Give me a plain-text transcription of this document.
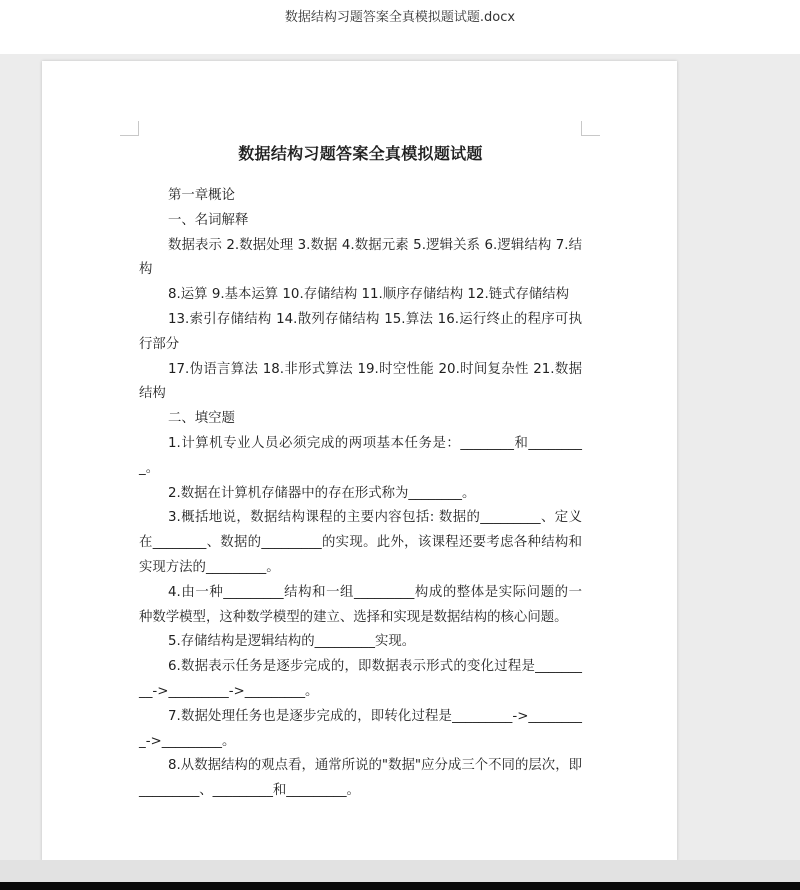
数据结构习题答案全真模拟题试题.docx
数据结构习题答案全真模拟题试题

第一章概论

一、名词解释

数据表示 2.数据处理 3.数据 4.数据元素 5.逻辑关系 6.逻辑结构 7.结构

8.运算 9.基本运算 10.存储结构 11.顺序存储结构 12.链式存储结构

13.索引存储结构 14.散列存储结构 15.算法 16.运行终止的程序可执行部分

17.伪语言算法 18.非形式算法 19.时空性能 20.时间复杂性 21.数据结构

二、填空题

1.计算机专业人员必须完成的两项基本任务是：________和_________。

2.数据在计算机存储器中的存在形式称为________。

3.概括地说，数据结构课程的主要内容包括: 数据的_________、定义在________、数据的_________的实现。此外，该课程还要考虑各种结构和实现方法的_________。

4.由一种_________结构和一组_________构成的整体是实际问题的一种数学模型，这种数学模型的建立、选择和实现是数据结构的核心问题。

5.存储结构是逻辑结构的_________实现。

6.数据表示任务是逐步完成的，即数据表示形式的变化过程是_________->_________->_________。

7.数据处理任务也是逐步完成的，即转化过程是_________->_________->_________。

8.从数据结构的观点看，通常所说的"数据"应分成三个不同的层次，即_________、_________和_________。
